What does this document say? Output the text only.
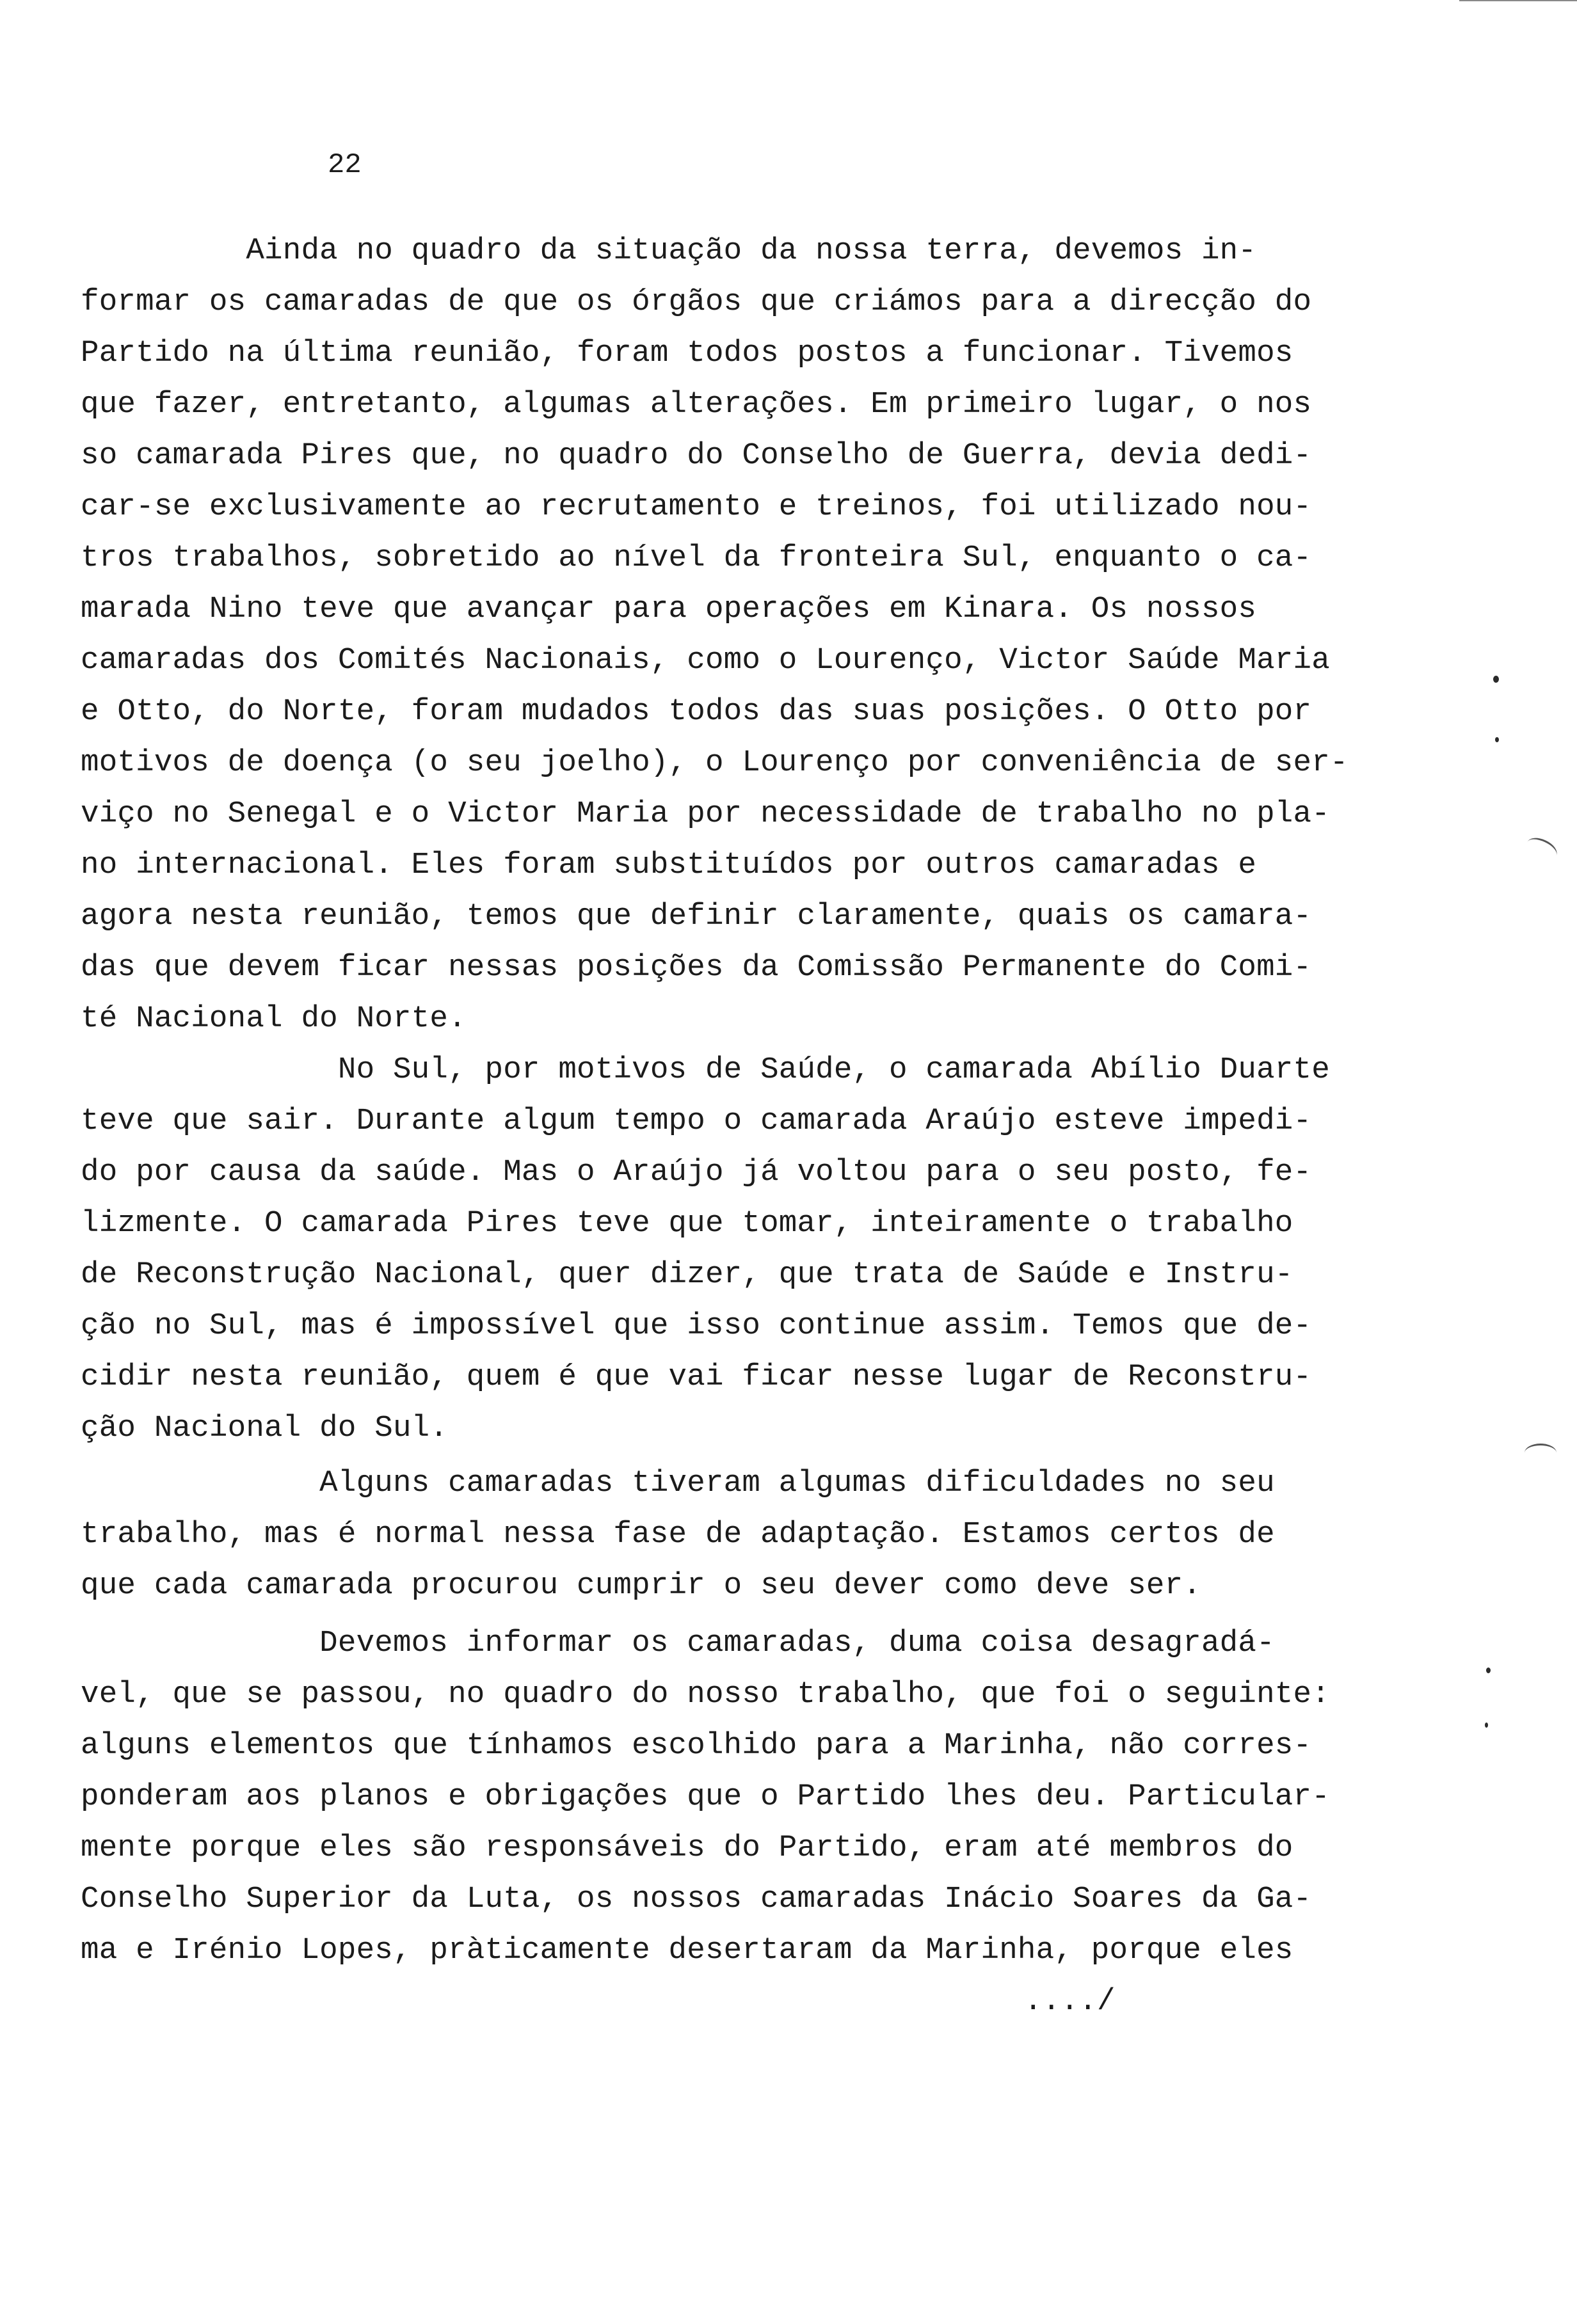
22
Ainda no quadro da situação da nossa terra, devemos in-
formar os camaradas de que os órgãos que criámos para a direcção do
Partido na última reunião, foram todos postos a funcionar. Tivemos
que fazer, entretanto, algumas alterações. Em primeiro lugar, o nos
so camarada Pires que, no quadro do Conselho de Guerra, devia dedi-
car-se exclusivamente ao recrutamento e treinos, foi utilizado nou-
tros trabalhos, sobretido ao nível da fronteira Sul, enquanto o ca-
marada Nino teve que avançar para operações em Kinara. Os nossos
camaradas dos Comités Nacionais, como o Lourenço, Victor Saúde Maria
e Otto, do Norte, foram mudados todos das suas posições. O Otto por
motivos de doença (o seu joelho), o Lourenço por conveniência de ser-
viço no Senegal e o Victor Maria por necessidade de trabalho no pla-
no internacional. Eles foram substituídos por outros camaradas e
agora nesta reunião, temos que definir claramente, quais os camara-
das que devem ficar nessas posições da Comissão Permanente do Comi-
té Nacional do Norte.
No Sul, por motivos de Saúde, o camarada Abílio Duarte
teve que sair. Durante algum tempo o camarada Araújo esteve impedi-
do por causa da saúde. Mas o Araújo já voltou para o seu posto, fe-
lizmente. O camarada Pires teve que tomar, inteiramente o trabalho
de Reconstrução Nacional, quer dizer, que trata de Saúde e Instru-
ção no Sul, mas é impossível que isso continue assim. Temos que de-
cidir nesta reunião, quem é que vai ficar nesse lugar de Reconstru-
ção Nacional do Sul.
Alguns camaradas tiveram algumas dificuldades no seu
trabalho, mas é normal nessa fase de adaptação. Estamos certos de
que cada camarada procurou cumprir o seu dever como deve ser.
Devemos informar os camaradas, duma coisa desagradá-
vel, que se passou, no quadro do nosso trabalho, que foi o seguinte:
alguns elementos que tínhamos escolhido para a Marinha, não corres-
ponderam aos planos e obrigações que o Partido lhes deu. Particular-
mente porque eles são responsáveis do Partido, eram até membros do
Conselho Superior da Luta, os nossos camaradas Inácio Soares da Ga-
ma e Irénio Lopes, pràticamente desertaram da Marinha, porque eles
..../
